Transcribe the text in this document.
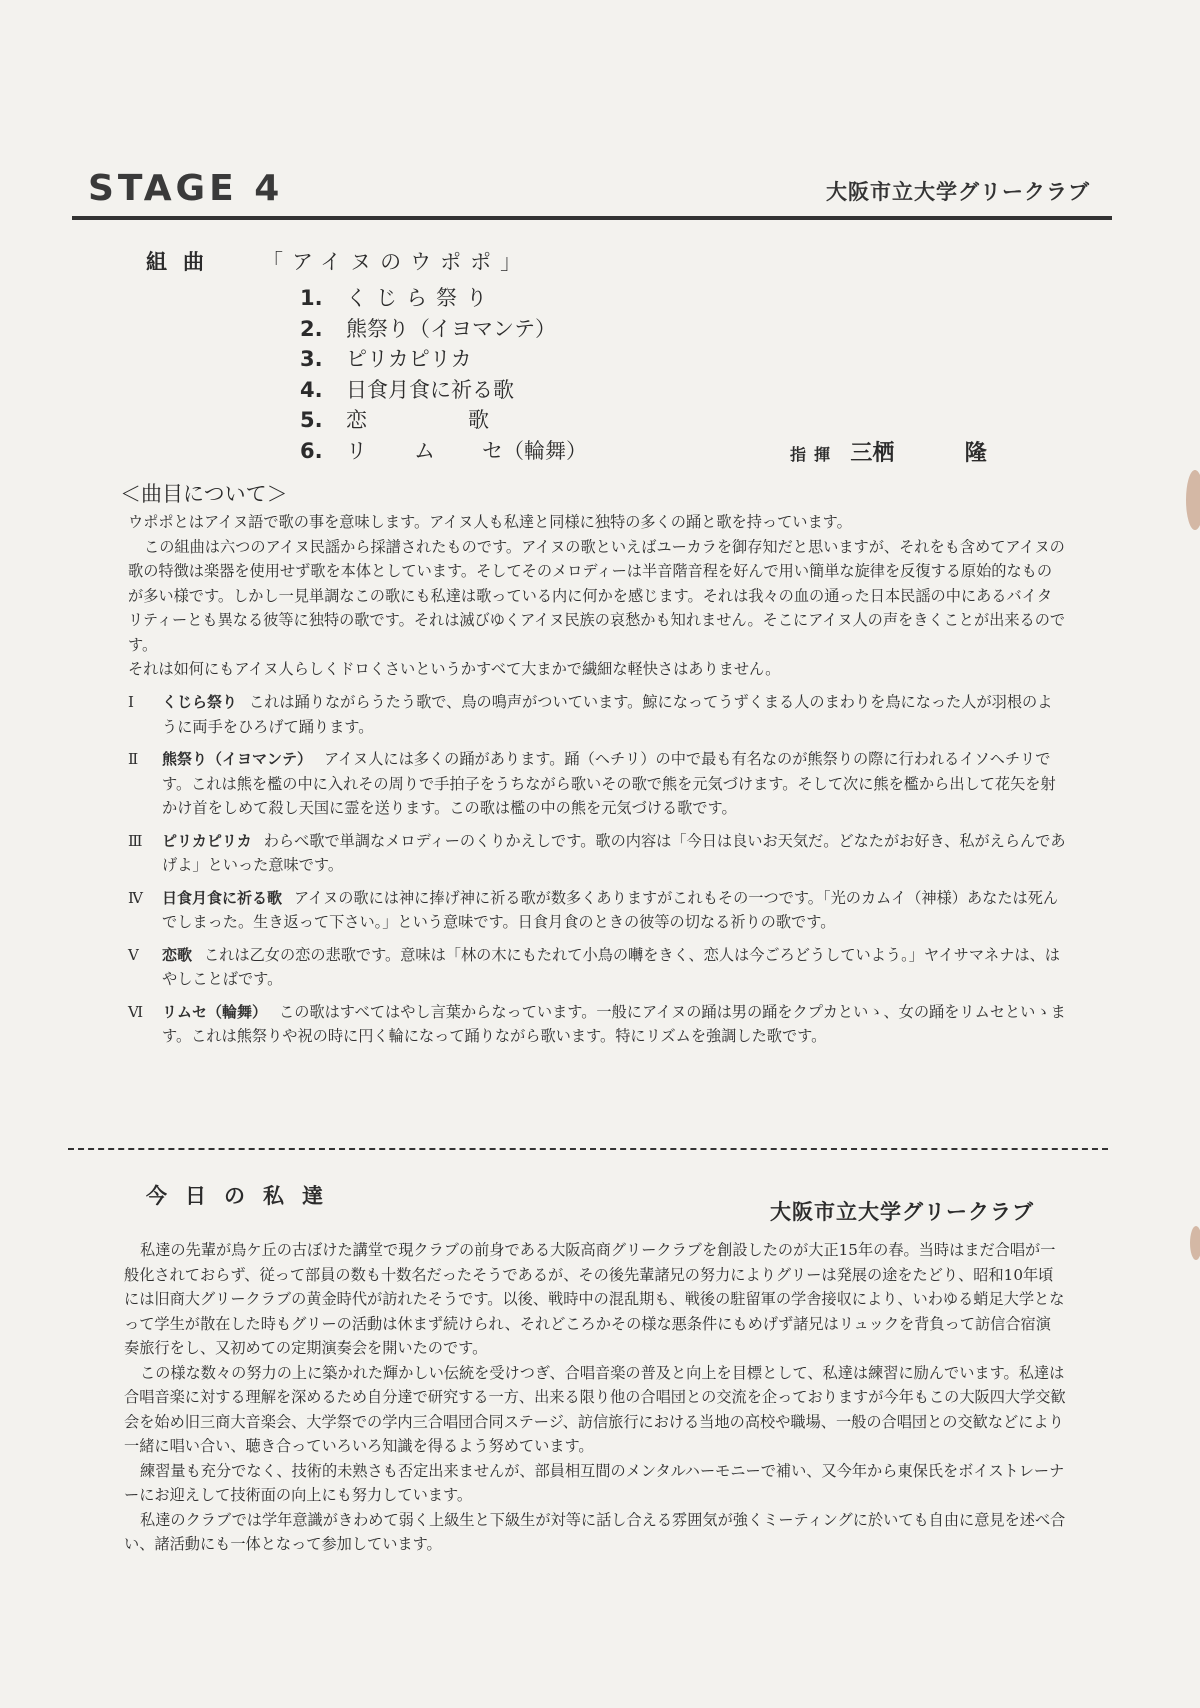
STAGE 4	大阪市立大学グリークラブ
組曲 「アイヌのウポポ」
1. くじら祭り
2. 熊祭り（イヨマンテ）
3. ピリカピリカ
4. 日食月食に祈る歌
5. 恋	歌
6. リ ム セ（輪舞）	指揮 三栖	隆
＜曲目について＞

ウポポとはアイヌ語で歌の事を意味します。アイヌ人も私達と同様に独特の多くの踊と歌を持っています。

この組曲は六つのアイヌ民謡から採譜されたものです。アイヌの歌といえばユーカラを御存知だと思いますが、それをも含めてアイヌの歌の特徴は楽器を使用せず歌を本体としています。そしてそのメロディーは半音階音程を好んで用い簡単な旋律を反復する原始的なものが多い様です。しかし一見単調なこの歌にも私達は歌っている内に何かを感じます。それは我々の血の通った日本民謡の中にあるバイタリティーとも異なる彼等に独特の歌です。それは滅びゆくアイヌ民族の哀愁かも知れません。そこにアイヌ人の声をきくことが出来るのです。

それは如何にもアイヌ人らしくドロくさいというかすべて大まかで繊細な軽快さはありません。

Ⅰ くじら祭り これは踊りながらうたう歌で、鳥の鳴声がついています。鯨になってうずくまる人のまわりを鳥になった人が羽根のように両手をひろげて踊ります。
Ⅱ 熊祭り（イヨマンテ） アイヌ人には多くの踊があります。踊（ヘチリ）の中で最も有名なのが熊祭りの際に行われるイソヘチリです。これは熊を檻の中に入れその周りで手拍子をうちながら歌いその歌で熊を元気づけます。そして次に熊を檻から出して花矢を射かけ首をしめて殺し天国に霊を送ります。この歌は檻の中の熊を元気づける歌です。
Ⅲ ピリカピリカ わらべ歌で単調なメロディーのくりかえしです。歌の内容は「今日は良いお天気だ。どなたがお好き、私がえらんであげよ」といった意味です。
Ⅳ 日食月食に祈る歌 アイヌの歌には神に捧げ神に祈る歌が数多くありますがこれもその一つです。「光のカムイ（神様）あなたは死んでしまった。生き返って下さい。」という意味です。日食月食のときの彼等の切なる祈りの歌です。
Ⅴ 恋歌 これは乙女の恋の悲歌です。意味は「林の木にもたれて小鳥の囀をきく、恋人は今ごろどうしていよう。」ヤイサマネナは、はやしことばです。
Ⅵ リムセ（輪舞） この歌はすべてはやし言葉からなっています。一般にアイヌの踊は男の踊をクプカといゝ、女の踊をリムセといゝます。これは熊祭りや祝の時に円く輪になって踊りながら歌います。特にリズムを強調した歌です。
今日の私達
大阪市立大学グリークラブ

私達の先輩が鳥ケ丘の古ぼけた講堂で現クラブの前身である大阪高商グリークラブを創設したのが大正15年の春。当時はまだ合唱が一般化されておらず、従って部員の数も十数名だったそうであるが、その後先輩諸兄の努力によりグリーは発展の途をたどり、昭和10年頃には旧商大グリークラブの黄金時代が訪れたそうです。以後、戦時中の混乱期も、戦後の駐留軍の学舎接収により、いわゆる蛸足大学となって学生が散在した時もグリーの活動は休まず続けられ、それどころかその様な悪条件にもめげず諸兄はリュックを背負って訪信合宿演奏旅行をし、又初めての定期演奏会を開いたのです。

この様な数々の努力の上に築かれた輝かしい伝統を受けつぎ、合唱音楽の普及と向上を目標として、私達は練習に励んでいます。私達は合唱音楽に対する理解を深めるため自分達で研究する一方、出来る限り他の合唱団との交流を企っておりますが今年もこの大阪四大学交歓会を始め旧三商大音楽会、大学祭での学内三合唱団合同ステージ、訪信旅行における当地の高校や職場、一般の合唱団との交歓などにより一緒に唱い合い、聴き合っていろいろ知識を得るよう努めています。

練習量も充分でなく、技術的未熟さも否定出来ませんが、部員相互間のメンタルハーモニーで補い、又今年から東保氏をボイストレーナーにお迎えして技術面の向上にも努力しています。

私達のクラブでは学年意識がきわめて弱く上級生と下級生が対等に話し合える雰囲気が強くミーティングに於いても自由に意見を述べ合い、諸活動にも一体となって参加しています。
